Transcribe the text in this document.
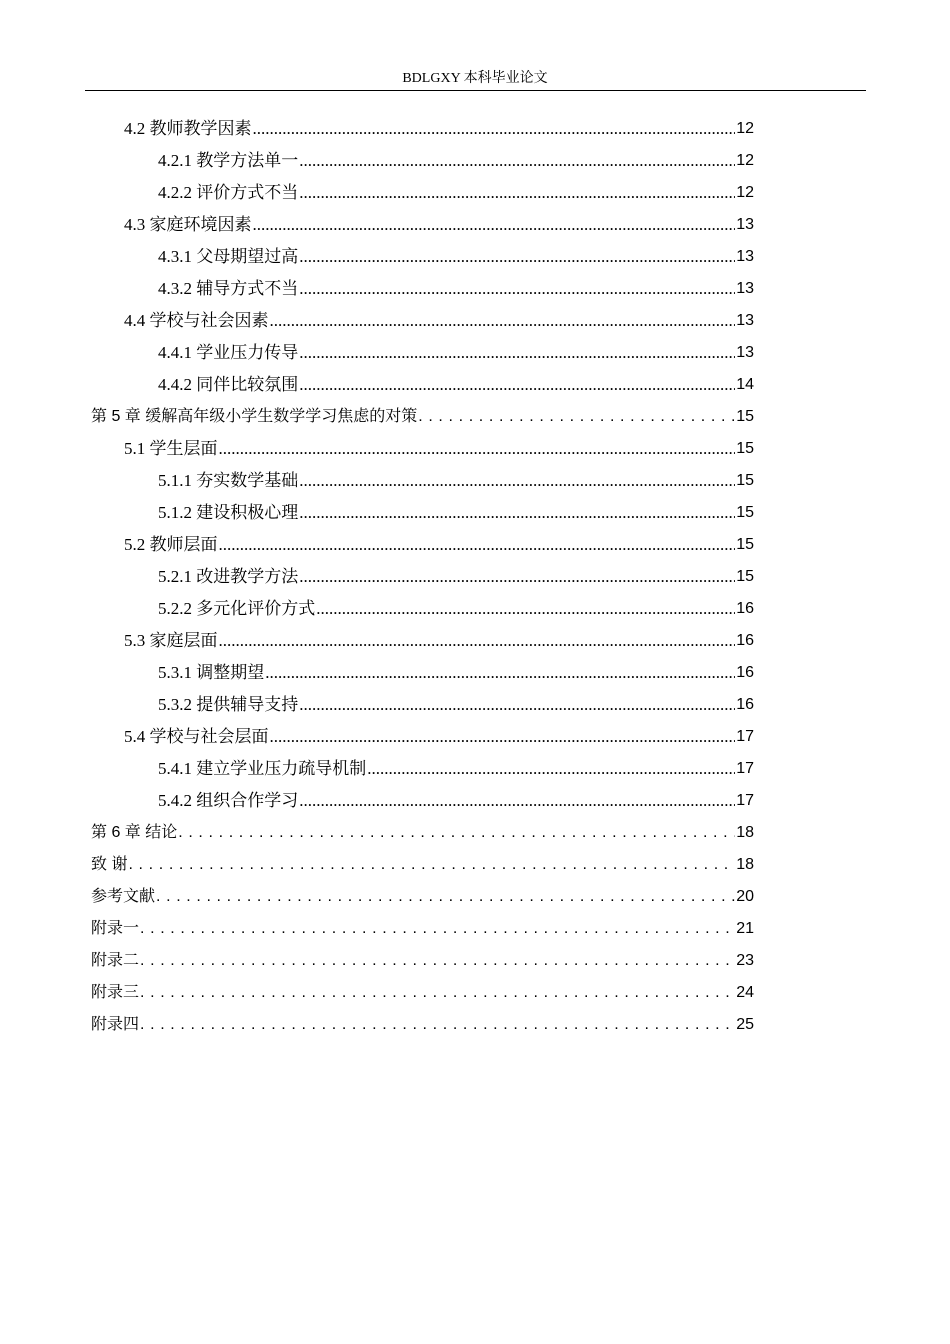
BDLGXY 本科毕业论文
4.2 教师教学因素 .....	12
4.2.1 教学方法单一 .....	12
4.2.2 评价方式不当 .....	12
4.3 家庭环境因素 .....	13
4.3.1 父母期望过高 .....	13
4.3.2 辅导方式不当 .....	13
4.4 学校与社会因素 .....	13
4.4.1 学业压力传导 .....	13
4.4.2 同伴比较氛围 .....	14
第 5 章 缓解高年级小学生数学学习焦虑的对策 . . .	15
5.1 学生层面 .....	15
5.1.1 夯实数学基础 .....	15
5.1.2 建设积极心理 .....	15
5.2 教师层面 .....	15
5.2.1 改进教学方法 .....	15
5.2.2 多元化评价方式 .....	16
5.3 家庭层面 .....	16
5.3.1 调整期望 .....	16
5.3.2 提供辅导支持 .....	16
5.4 学校与社会层面 .....	17
5.4.1 建立学业压力疏导机制 .....	17
5.4.2 组织合作学习 .....	17
第 6 章 结论 . . .	18
致 谢 . . .	18
参考文献 . . .	20
附录一 . . .	21
附录二 . . .	23
附录三 . . .	24
附录四 . . .	25
